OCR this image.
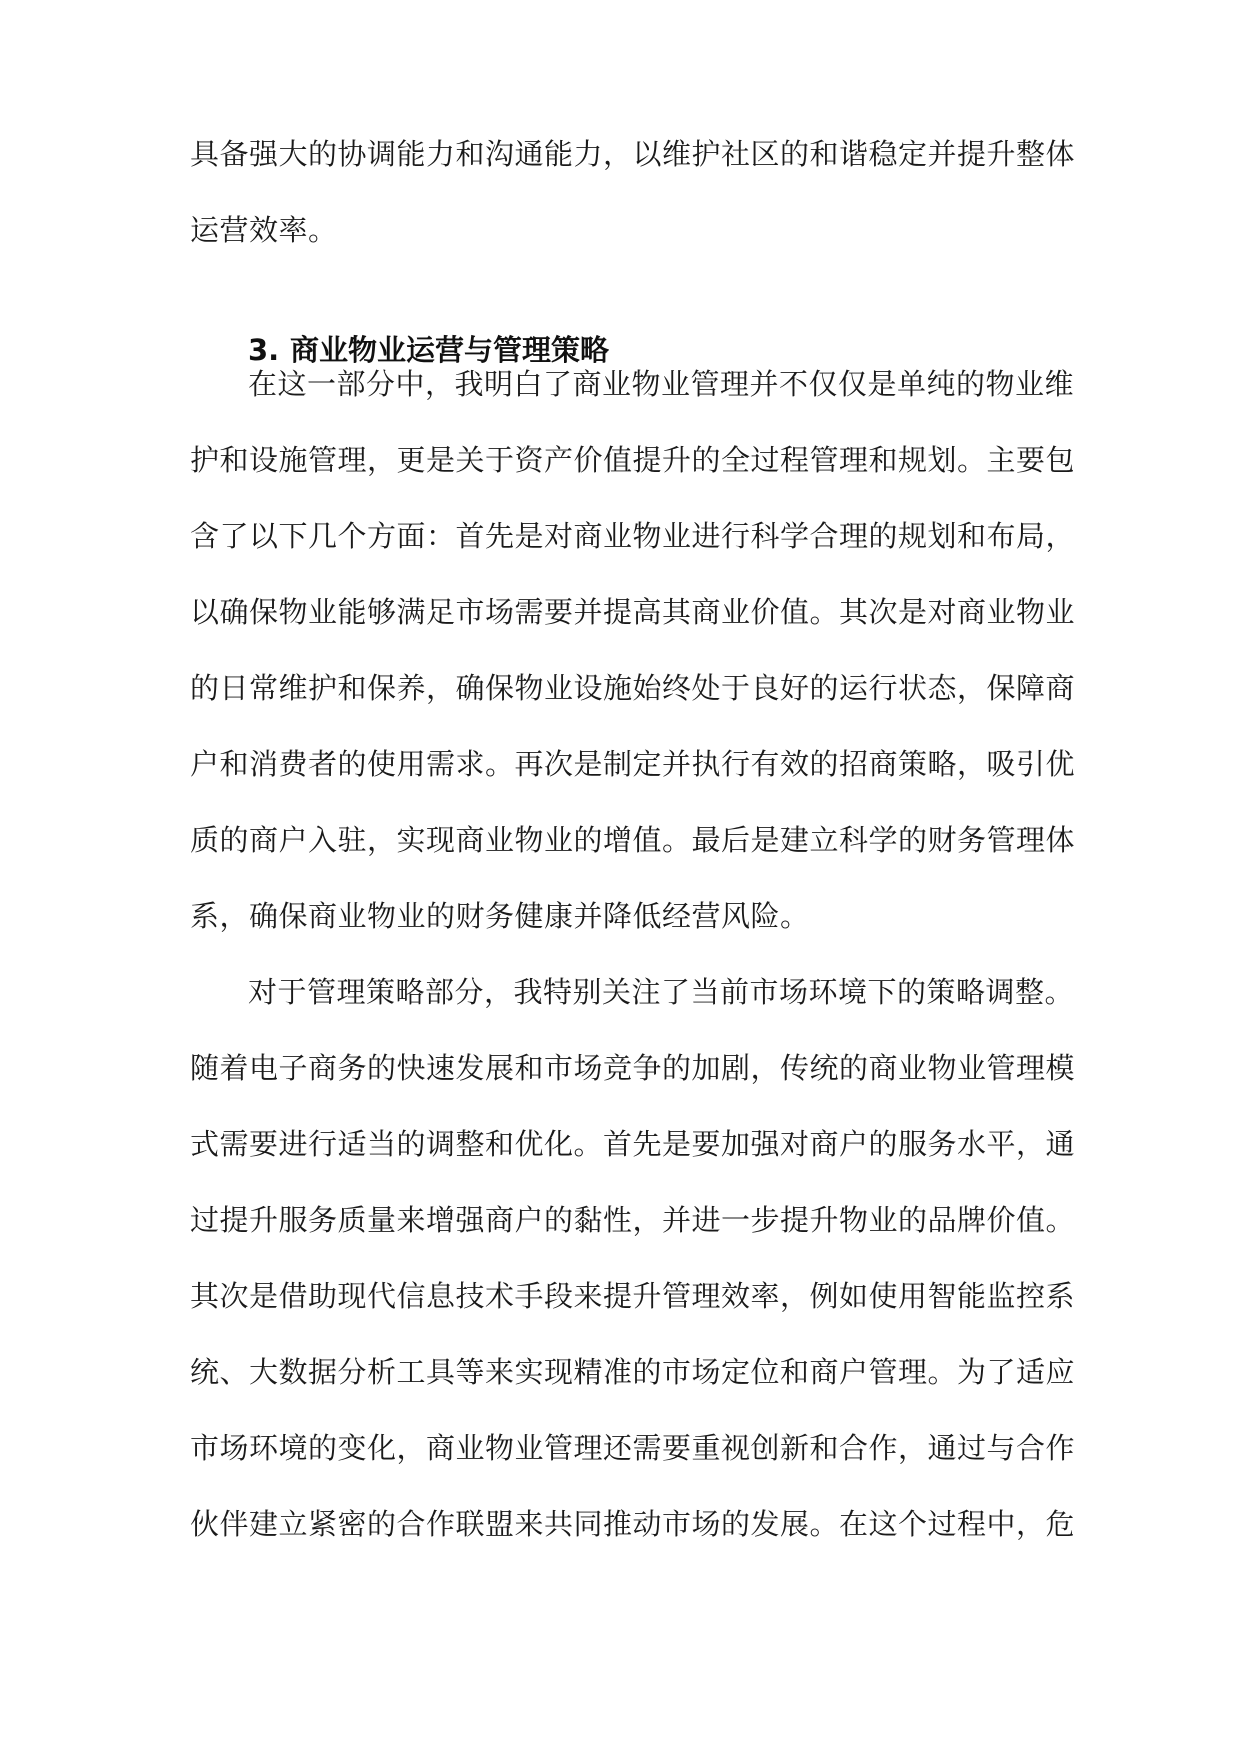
具备强大的协调能力和沟通能力，以维护社区的和谐稳定并提升整体
运营效率。
3. 商业物业运营与管理策略
在这一部分中，我明白了商业物业管理并不仅仅是单纯的物业维
护和设施管理，更是关于资产价值提升的全过程管理和规划。主要包
含了以下几个方面：首先是对商业物业进行科学合理的规划和布局，
以确保物业能够满足市场需要并提高其商业价值。其次是对商业物业
的日常维护和保养，确保物业设施始终处于良好的运行状态，保障商
户和消费者的使用需求。再次是制定并执行有效的招商策略，吸引优
质的商户入驻，实现商业物业的增值。最后是建立科学的财务管理体
系，确保商业物业的财务健康并降低经营风险。
对于管理策略部分，我特别关注了当前市场环境下的策略调整。
随着电子商务的快速发展和市场竞争的加剧，传统的商业物业管理模
式需要进行适当的调整和优化。首先是要加强对商户的服务水平，通
过提升服务质量来增强商户的黏性，并进一步提升物业的品牌价值。
其次是借助现代信息技术手段来提升管理效率，例如使用智能监控系
统、大数据分析工具等来实现精准的市场定位和商户管理。为了适应
市场环境的变化，商业物业管理还需要重视创新和合作，通过与合作
伙伴建立紧密的合作联盟来共同推动市场的发展。在这个过程中，危
